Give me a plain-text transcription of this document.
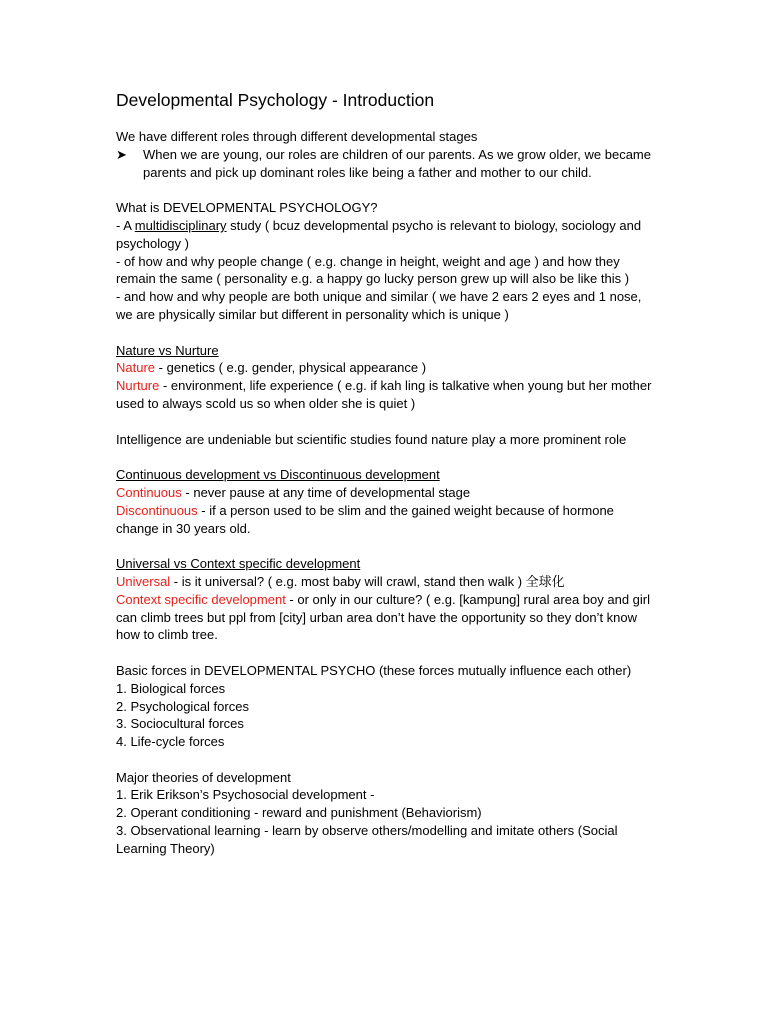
Developmental Psychology - Introduction

We have different roles through different developmental stages

➤ When we are young, our roles are children of our parents. As we grow older, we became parents and pick up dominant roles like being a father and mother to our child.

What is DEVELOPMENTAL PSYCHOLOGY?

- A multidisciplinary study ( bcuz developmental psycho is relevant to biology, sociology and psychology )

- of how and why people change ( e.g. change in height, weight and age ) and how they remain the same ( personality e.g. a happy go lucky person grew up will also be like this )

- and how and why people are both unique and similar ( we have 2 ears 2 eyes and 1 nose, we are physically similar but different in personality which is unique )

Nature vs Nurture

Nature - genetics ( e.g. gender, physical appearance )

Nurture - environment, life experience ( e.g. if kah ling is talkative when young but her mother used to always scold us so when older she is quiet )

Intelligence are undeniable but scientific studies found nature play a more prominent role

Continuous development vs Discontinuous development

Continuous - never pause at any time of developmental stage

Discontinuous - if a person used to be slim and the gained weight because of hormone change in 30 years old.

Universal vs Context specific development

Universal - is it universal? ( e.g. most baby will crawl, stand then walk ) 全球化

Context specific development - or only in our culture? ( e.g. [kampung] rural area boy and girl can climb trees but ppl from [city] urban area don’t have the opportunity so they don’t know how to climb tree.

Basic forces in DEVELOPMENTAL PSYCHO (these forces mutually influence each other)

1. Biological forces

2. Psychological forces

3. Sociocultural forces

4. Life-cycle forces

Major theories of development

1. Erik Erikson’s Psychosocial development -

2. Operant conditioning - reward and punishment (Behaviorism)

3. Observational learning - learn by observe others/modelling and imitate others (Social Learning Theory)
